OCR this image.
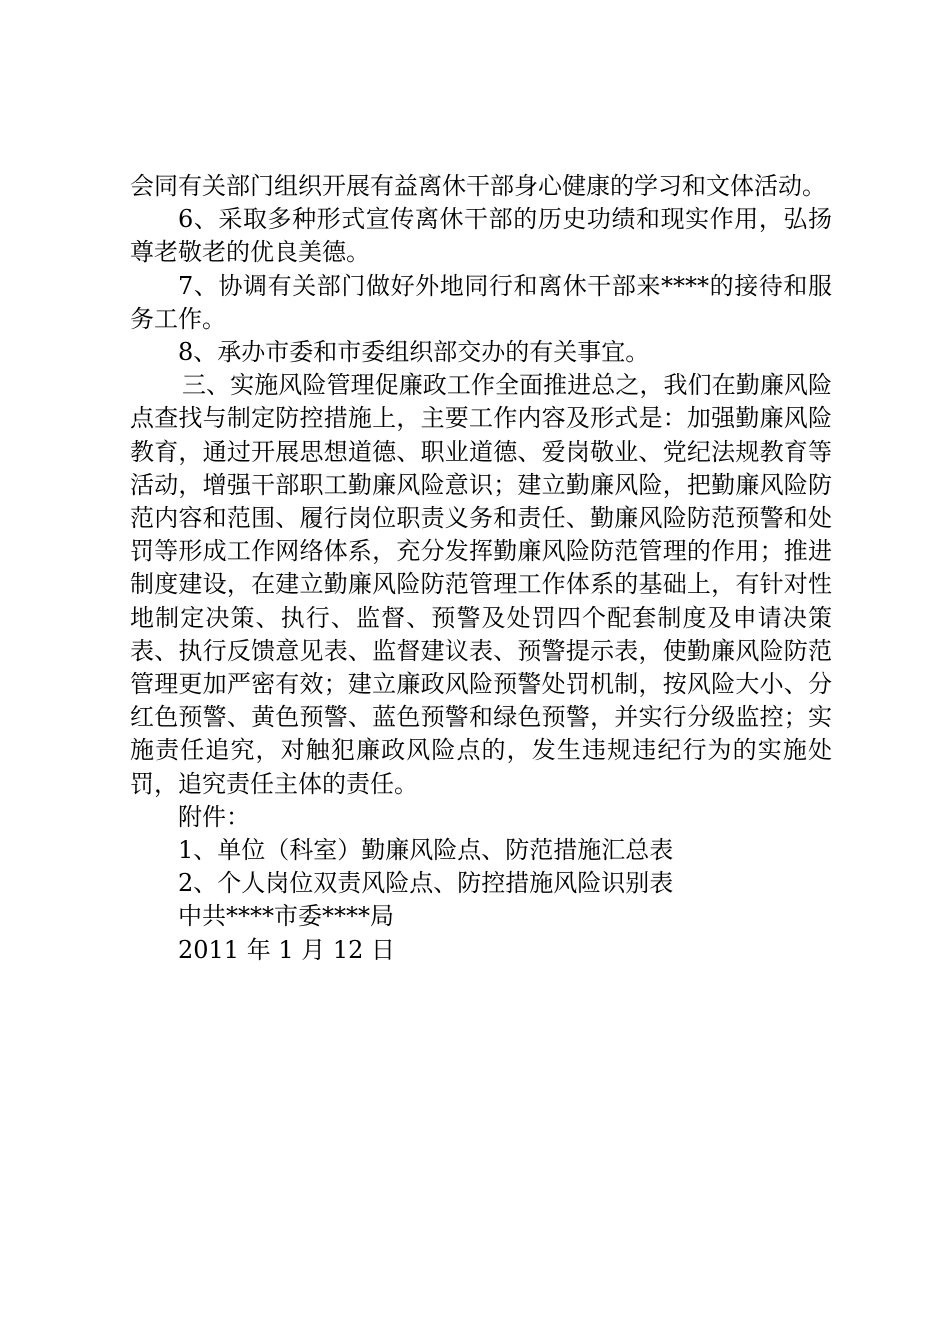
会同有关部门组织开展有益离休干部身心健康的学习和文体活动。

6、采取多种形式宣传离休干部的历史功绩和现实作用，弘扬尊老敬老的优良美德。

7、协调有关部门做好外地同行和离休干部来****的接待和服务工作。

8、承办市委和市委组织部交办的有关事宜。

三、实施风险管理促廉政工作全面推进总之，我们在勤廉风险点查找与制定防控措施上，主要工作内容及形式是：加强勤廉风险教育，通过开展思想道德、职业道德、爱岗敬业、党纪法规教育等活动，增强干部职工勤廉风险意识；建立勤廉风险，把勤廉风险防范内容和范围、履行岗位职责义务和责任、勤廉风险防范预警和处罚等形成工作网络体系，充分发挥勤廉风险防范管理的作用；推进制度建设，在建立勤廉风险防范管理工作体系的基础上，有针对性地制定决策、执行、监督、预警及处罚四个配套制度及申请决策表、执行反馈意见表、监督建议表、预警提示表，使勤廉风险防范管理更加严密有效；建立廉政风险预警处罚机制，按风险大小、分红色预警、黄色预警、蓝色预警和绿色预警，并实行分级监控；实施责任追究，对触犯廉政风险点的，发生违规违纪行为的实施处罚，追究责任主体的责任。

附件：

1、单位（科室）勤廉风险点、防范措施汇总表

2、个人岗位双责风险点、防控措施风险识别表

中共****市委****局

2011 年 1 月 12 日
